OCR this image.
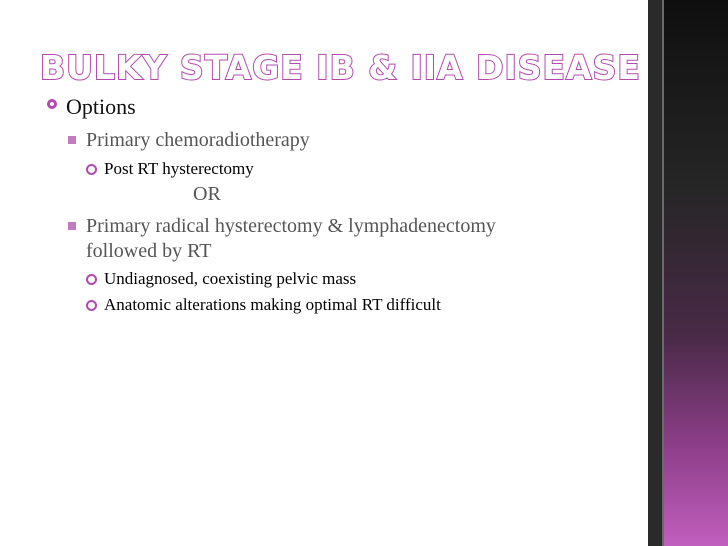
BULKY STAGE IB & IIA DISEASE
Options
Primary chemoradiotherapy
Post RT hysterectomy
OR
Primary radical hysterectomy & lymphadenectomy
followed by RT
Undiagnosed, coexisting pelvic mass
Anatomic alterations making optimal RT difficult
